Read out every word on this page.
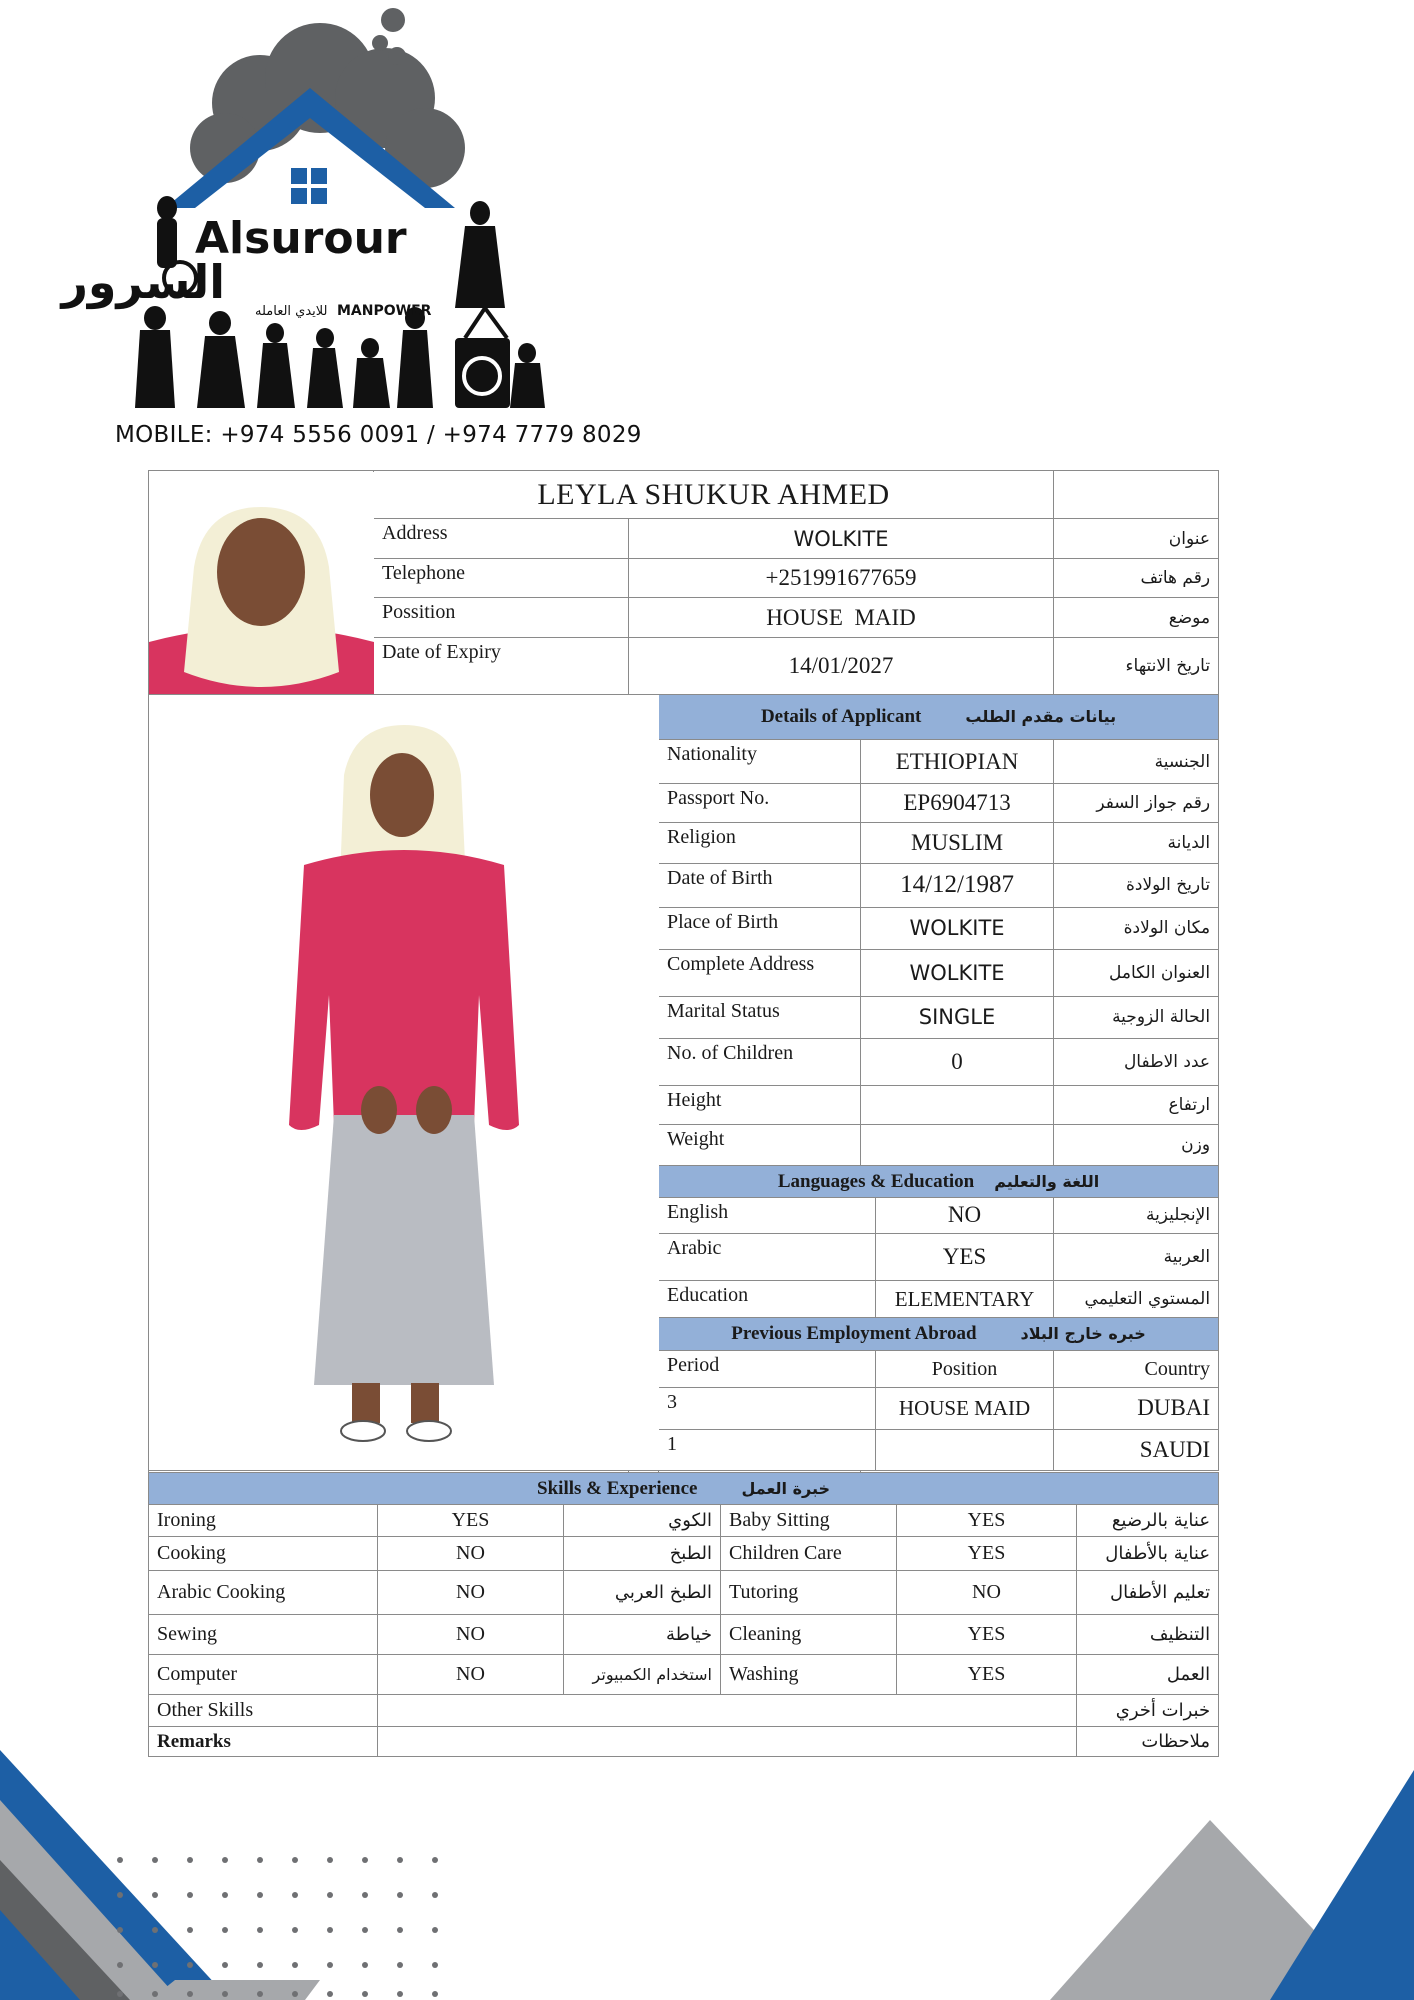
Alsurour
السرور
للايدي العامله MANPOWER
MOBILE: +974 5556 0091 / +974 7779 8029
	LEYLA SHUKUR AHMED					
	Address	WOLKITE				عنوان
	Telephone	+251991677659				رقم هاتف
	Possition	HOUSE  MAID				موضع
	Date of Expiry	14/01/2027				تاريخ الانتهاء

	Details of Applicant بيانات مقدم الطلب			
			Nationality	ETHIOPIAN		الجنسية
			Passport No.	EP6904713		رقم جواز السفر
			Religion	MUSLIM		الديانة
			Date of Birth	14/12/1987		تاريخ الولادة
			Place of Birth	WOLKITE		مكان الولادة
			Complete Address	WOLKITE		العنوان الكامل
			Marital Status	SINGLE		الحالة الزوجية
			No. of Children	0		عدد الاطفال
			Height			ارتفاع
			Weight			وزن
			Languages & Education اللغة والتعليم			
			English		NO	الإنجليزية
			Arabic		YES	العربية
			Education		ELEMENTARY	المستوي التعليمي
			Previous Employment Abroad خبره خارج البلاد			
			Period		Position	Country
			3		HOUSE MAID	DUBAI
			1			SAUDI

Skills & Experience خبرة العمل					
Ironing	YES	الكوي	Baby Sitting	YES	عناية بالرضيع
Cooking	NO	الطبخ	Children Care	YES	عناية بالأطفال
Arabic Cooking	NO	الطبخ العربي	Tutoring	NO	تعليم الأطفال
Sewing	NO	خياطة	Cleaning	YES	التنظيف
Computer	NO	استخدام الكمبيوتر	Washing	YES	العمل
Other Skills					خبرات أخري
Remarks					ملاحظات
